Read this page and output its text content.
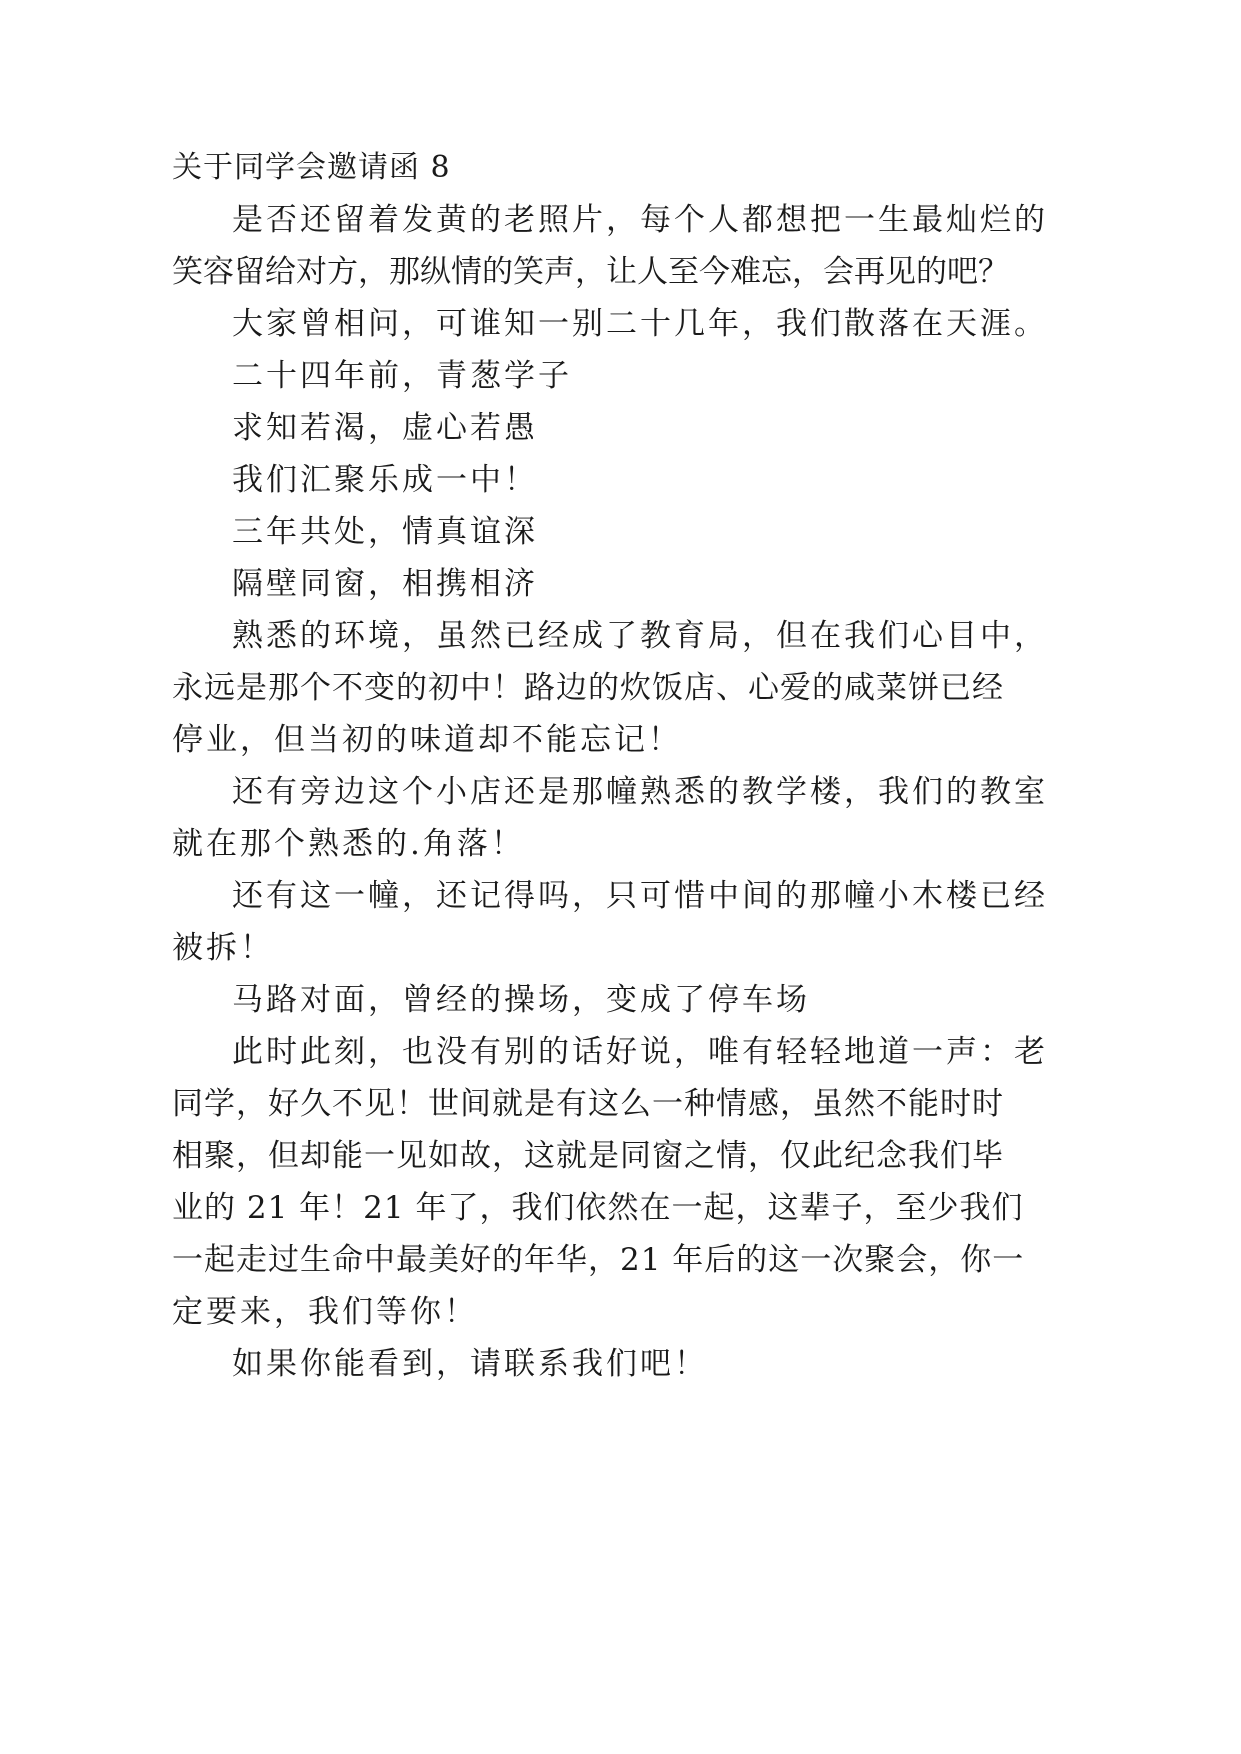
关于同学会邀请函 8
是否还留着发黄的老照片，每个人都想把一生最灿烂的
笑容留给对方，那纵情的笑声，让人至今难忘，会再见的吧？
大家曾相问，可谁知一别二十几年，我们散落在天涯。
二十四年前，青葱学子
求知若渴，虚心若愚
我们汇聚乐成一中！
三年共处，情真谊深
隔壁同窗，相携相济
熟悉的环境，虽然已经成了教育局，但在我们心目中，
永远是那个不变的初中！路边的炊饭店、心爱的咸菜饼已经
停业，但当初的味道却不能忘记！
还有旁边这个小店还是那幢熟悉的教学楼，我们的教室
就在那个熟悉的.角落！
还有这一幢，还记得吗，只可惜中间的那幢小木楼已经
被拆！
马路对面，曾经的操场，变成了停车场
此时此刻，也没有别的话好说，唯有轻轻地道一声：老
同学，好久不见！世间就是有这么一种情感，虽然不能时时
相聚，但却能一见如故，这就是同窗之情，仅此纪念我们毕
业的 21 年！21 年了，我们依然在一起，这辈子，至少我们
一起走过生命中最美好的年华，21 年后的这一次聚会，你一
定要来，我们等你！
如果你能看到，请联系我们吧！
